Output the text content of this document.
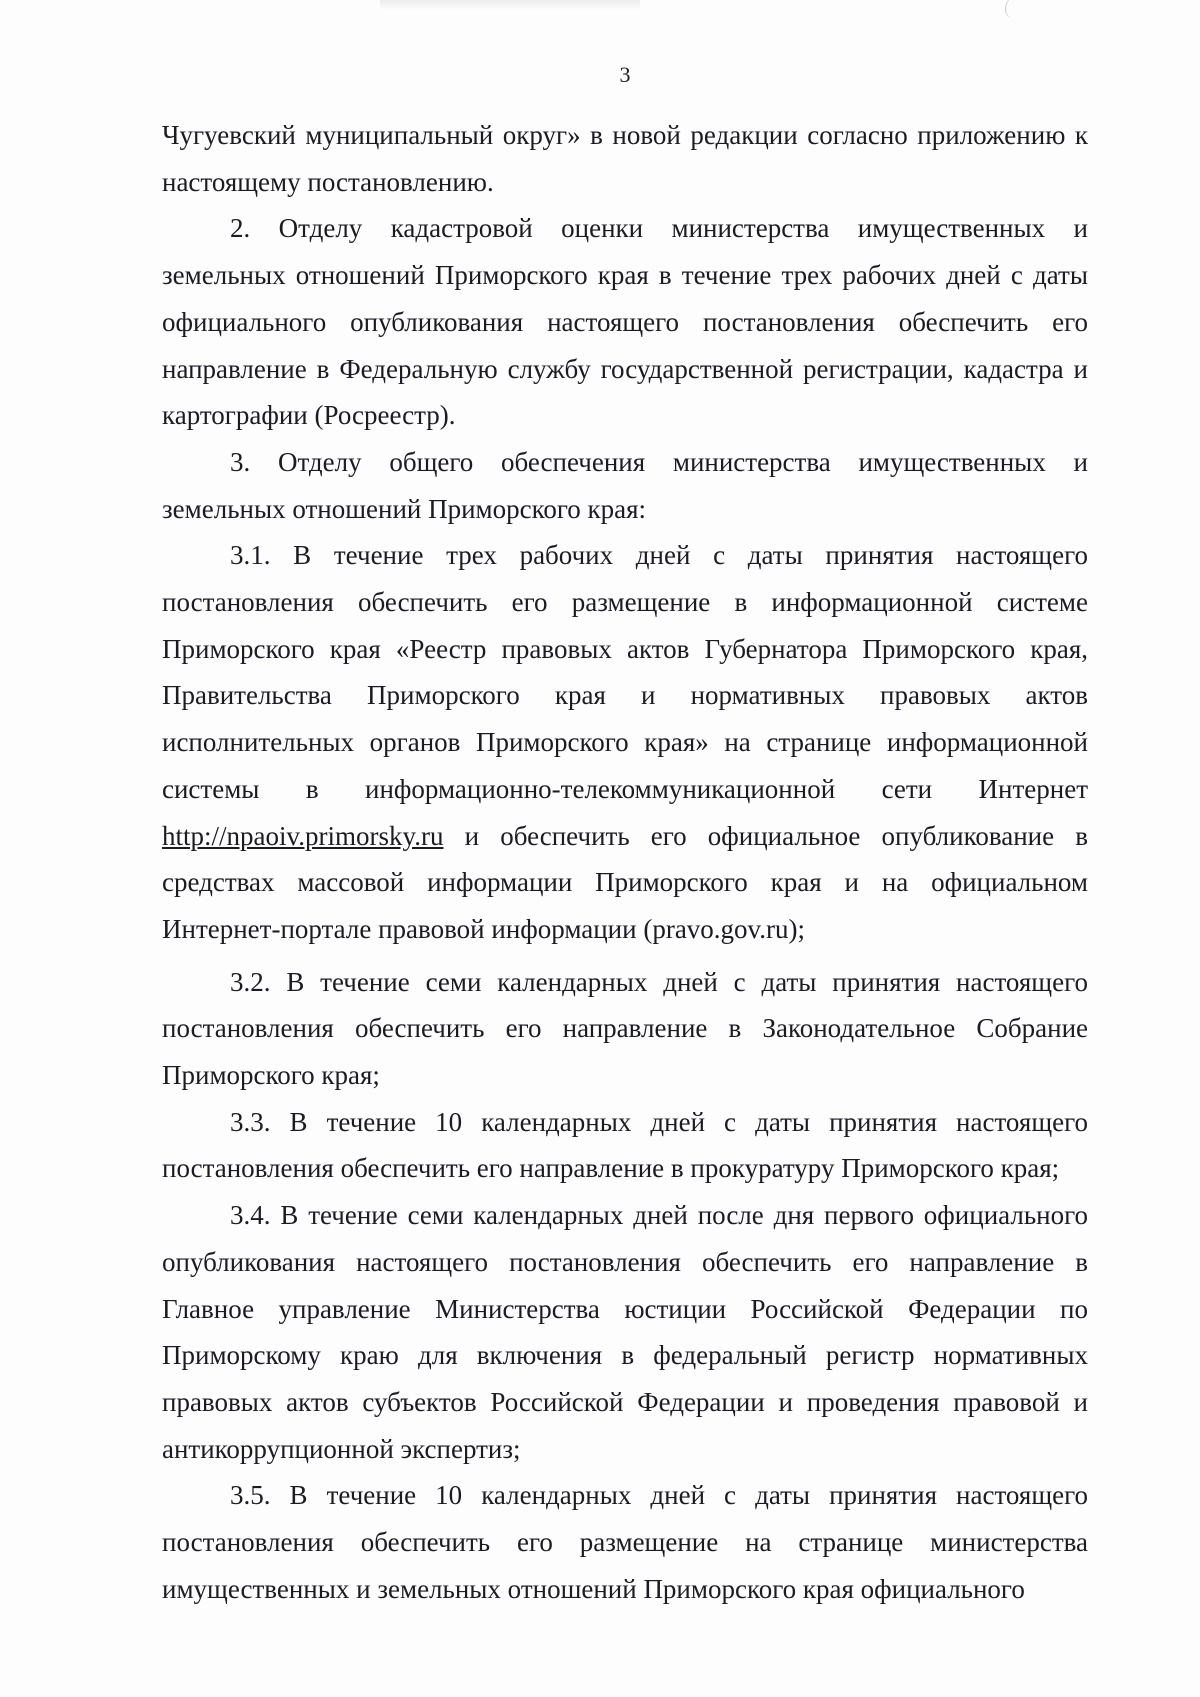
3

Чугуевский муниципальный округ» в новой редакции согласно приложению к настоящему постановлению.

2. Отделу кадастровой оценки министерства имущественных и земельных отношений Приморского края в течение трех рабочих дней с даты официального опубликования настоящего постановления обеспечить его направление в Федеральную службу государственной регистрации, кадастра и картографии (Росреестр).

3. Отделу общего обеспечения министерства имущественных и земельных отношений Приморского края:

3.1. В течение трех рабочих дней с даты принятия настоящего постановления обеспечить его размещение в информационной системе Приморского края «Реестр правовых актов Губернатора Приморского края, Правительства Приморского края и нормативных правовых актов исполнительных органов Приморского края» на странице информационной системы в информационно-телекоммуникационной сети Интернет http://npaoiv.primorsky.ru и обеспечить его официальное опубликование в средствах массовой информации Приморского края и на официальном Интернет-портале правовой информации (pravo.gov.ru);

3.2. В течение семи календарных дней с даты принятия настоящего постановления обеспечить его направление в Законодательное Собрание Приморского края;

3.3. В течение 10 календарных дней с даты принятия настоящего постановления обеспечить его направление в прокуратуру Приморского края;

3.4. В течение семи календарных дней после дня первого официального опубликования настоящего постановления обеспечить его направление в Главное управление Министерства юстиции Российской Федерации по Приморскому краю для включения в федеральный регистр нормативных правовых актов субъектов Российской Федерации и проведения правовой и антикоррупционной экспертиз;

3.5. В течение 10 календарных дней с даты принятия настоящего постановления обеспечить его размещение на странице министерства имущественных и земельных отношений Приморского края официального
